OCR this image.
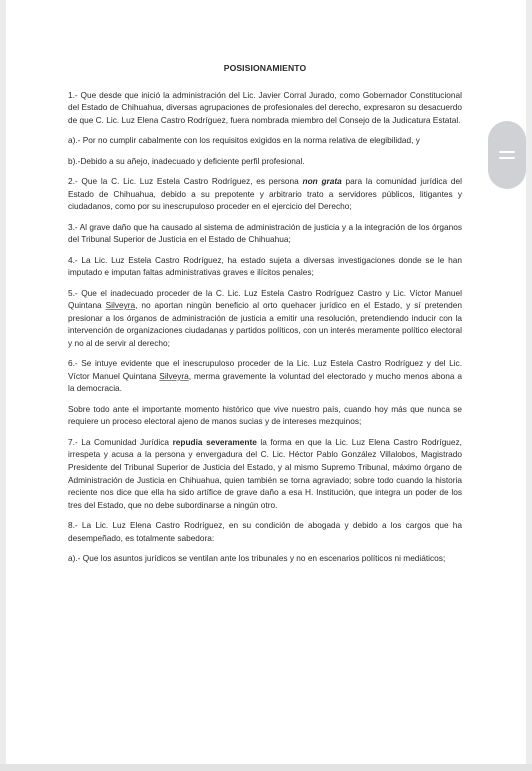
POSISIONAMIENTO

1.- Que desde que inició la administración del Lic. Javier Corral Jurado, como Gobernador Constitucional del Estado de Chihuahua, diversas agrupaciones de profesionales del derecho, expresaron su desacuerdo de que C. Lic. Luz Elena Castro Rodríguez, fuera nombrada miembro del Consejo de la Judicatura Estatal.

a).- Por no cumplir cabalmente con los requisitos exigidos en la norma relativa de elegibilidad, y

b).-Debido a su añejo, inadecuado y deficiente perfil profesional.

2.- Que la C. Lic. Luz Estela Castro Rodríguez, es persona non grata para la comunidad jurídica del Estado de Chihuahua, debido a su prepotente y arbitrario trato a servidores públicos, litigantes y ciudadanos, como por su inescrupuloso proceder en el ejercicio del Derecho;

3.- Al grave daño que ha causado al sistema de administración de justicia y a la integración de los órganos del Tribunal Superior de Justicia en el Estado de Chihuahua;

4.- La Lic. Luz Estela Castro Rodríguez, ha estado sujeta a diversas investigaciones donde se le han imputado e imputan faltas administrativas graves e ilícitos penales;

5.- Que el inadecuado proceder de la C. Lic. Luz Estela Castro Rodríguez Castro y Lic. Víctor Manuel Quintana Silveyra, no aportan ningún beneficio al orto quehacer jurídico en el Estado, y sí pretenden presionar a los órganos de administración de justicia a emitir una resolución, pretendiendo inducir con la intervención de organizaciones ciudadanas y partidos políticos, con un interés meramente político electoral y no al de servir al derecho;

6.- Se intuye evidente que el inescrupuloso proceder de la Lic. Luz Estela Castro Rodríguez y del Lic. Víctor Manuel Quintana Silveyra, merma gravemente la voluntad del electorado y mucho menos abona a la democracia.

Sobre todo ante el importante momento histórico que vive nuestro país, cuando hoy más que nunca se requiere un proceso electoral ajeno de manos sucias y de intereses mezquinos;

7.- La Comunidad Jurídica repudia severamente la forma en que la Lic. Luz Elena Castro Rodríguez, irrespeta y acusa a la persona y envergadura del C. Lic. Héctor Pablo González Villalobos, Magistrado Presidente del Tribunal Superior de Justicia del Estado, y al mismo Supremo Tribunal, máximo órgano de Administración de Justicia en Chihuahua, quien también se torna agraviado; sobre todo cuando la historia reciente nos dice que ella ha sido artífice de grave daño a esa H. Institución, que integra un poder de los tres del Estado, que no debe subordinarse a ningún otro.

8.- La Lic. Luz Elena Castro Rodríguez, en su condición de abogada y debido a los cargos que ha desempeñado, es totalmente sabedora:

a).- Que los asuntos jurídicos se ventilan ante los tribunales y no en escenarios políticos ni mediáticos;
